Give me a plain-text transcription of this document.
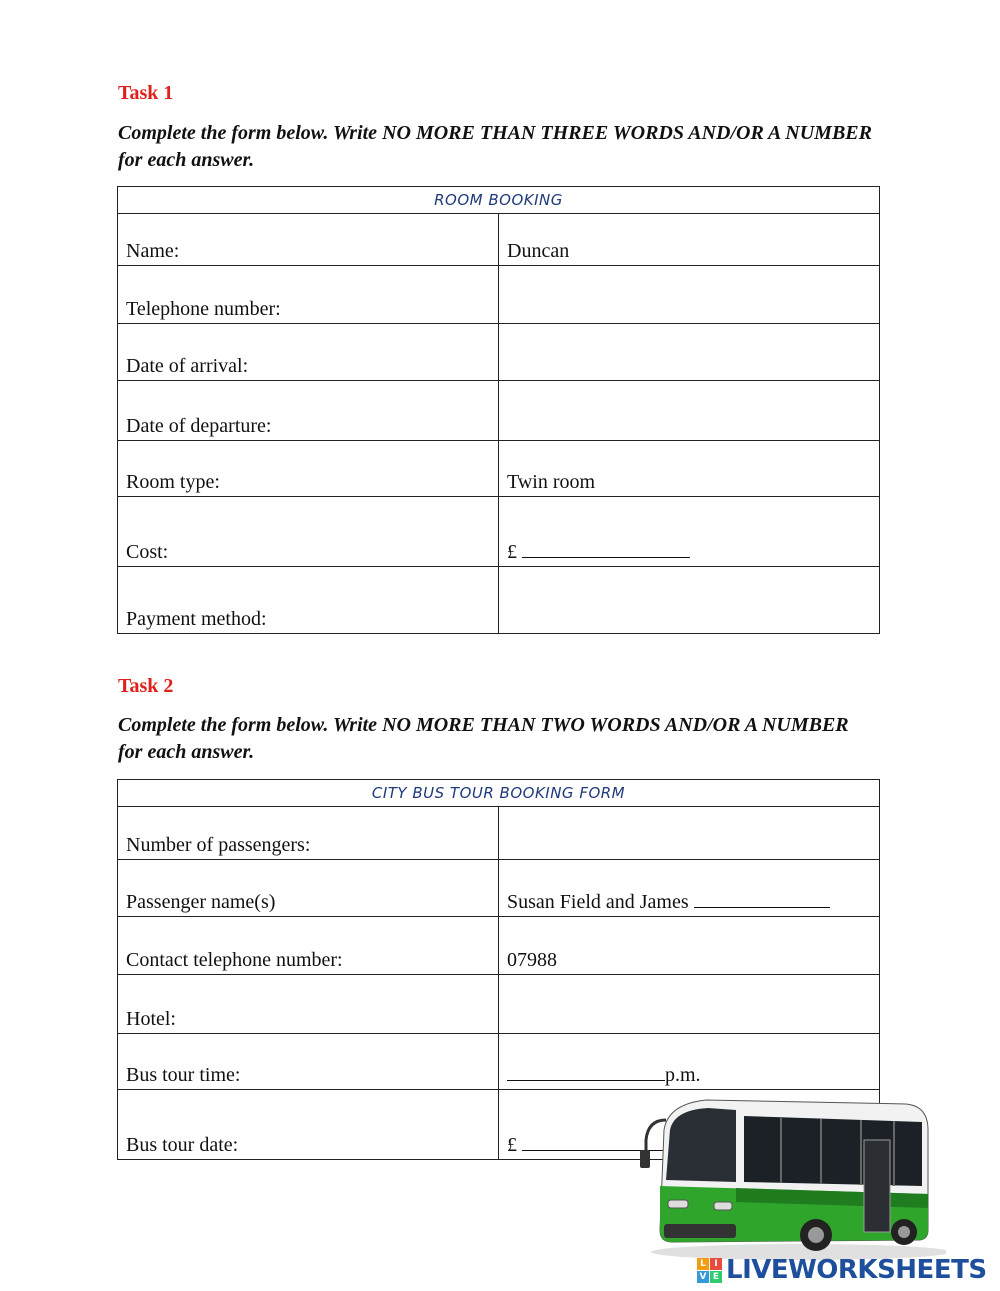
Task 1
Complete the form below. Write NO MORE THAN THREE WORDS AND/OR A NUMBER for each answer.
ROOM BOOKING	
Name:	Duncan
Telephone number:	
Date of arrival:	
Date of departure:	
Room type:	Twin room
Cost:	£
Payment method:	
Task 2
Complete the form below. Write NO MORE THAN TWO WORDS AND/OR A NUMBER for each answer.
CITY BUS TOUR BOOKING FORM	
Number of passengers:	
Passenger name(s)	Susan Field and James
Contact telephone number:	07988
Hotel:	
Bus tour time:	p.m.
Bus tour date:	£
L I
V E LIVEWORKSHEETS
